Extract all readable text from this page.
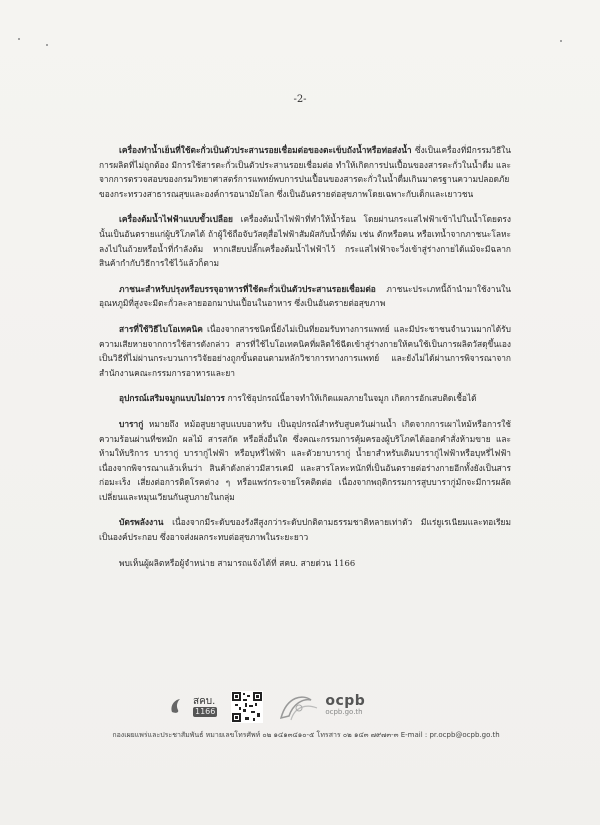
-2-

เครื่องทำน้ำเย็นที่ใช้ตะกั่วเป็นตัวประสานรอยเชื่อมต่อของตะเข็บถังน้ำหรือท่อส่งน้ำ ซึ่งเป็นเครื่องที่มีกรรมวิธีในการผลิตที่ไม่ถูกต้อง มีการใช้สารตะกั่วเป็นตัวประสานรอยเชื่อมต่อ ทำให้เกิดการปนเปื้อนของสารตะกั่วในน้ำดื่ม และจากการตรวจสอบของกรมวิทยาศาสตร์การแพทย์พบการปนเปื้อนของสารตะกั่วในน้ำดื่มเกินมาตรฐานความปลอดภัยของกระทรวงสาธารณสุขและองค์การอนามัยโลก ซึ่งเป็นอันตรายต่อสุขภาพโดยเฉพาะกับเด็กและเยาวชน

เครื่องต้มน้ำไฟฟ้าแบบขั้วเปลือย เครื่องต้มน้ำไฟฟ้าที่ทำให้น้ำร้อน โดยผ่านกระแสไฟฟ้าเข้าไปในน้ำโดยตรงนั้นเป็นอันตรายแก่ผู้บริโภคได้ ถ้าผู้ใช้ถือจับวัสดุสื่อไฟฟ้าสัมผัสกับน้ำที่ต้ม เช่น ตักหรือคน หรือเทน้ำจากภาชนะโลหะลงไปในถ้วยหรือน้ำที่กำลังต้ม หากเสียบปลั๊กเครื่องต้มน้ำไฟฟ้าไว้ กระแสไฟฟ้าจะวิ่งเข้าสู่ร่างกายได้แม้จะมีฉลากสินค้ากำกับวิธีการใช้ไว้แล้วก็ตาม

ภาชนะสำหรับปรุงหรือบรรจุอาหารที่ใช้ตะกั่วเป็นตัวประสานรอยเชื่อมต่อ ภาชนะประเภทนี้ถ้านำมาใช้งานในอุณหภูมิที่สูงจะมีตะกั่วละลายออกมาปนเปื้อนในอาหาร ซึ่งเป็นอันตรายต่อสุขภาพ

สารที่ใช้วิธีไบโอเทคนิค เนื่องจากสารชนิดนี้ยังไม่เป็นที่ยอมรับทางการแพทย์ และมีประชาชนจำนวนมากได้รับความเสียหายจากการใช้สารดังกล่าว สารที่ใช้ไบโอเทคนิคที่ผลิตใช้ฉีดเข้าสู่ร่างกายให้คนใช้เป็นการผลิตวัสดุขึ้นเอง เป็นวิธีที่ไม่ผ่านกระบวนการวิจัยอย่างถูกขั้นตอนตามหลักวิชาการทางการแพทย์ และยังไม่ได้ผ่านการพิจารณาจากสำนักงานคณะกรรมการอาหารและยา

อุปกรณ์เสริมจมูกแบบไม่ถาวร การใช้อุปกรณ์นี้อาจทำให้เกิดแผลภายในจมูก เกิดการอักเสบติดเชื้อได้

บารากู่ หมายถึง หม้อสูบยาสูบแบบอาหรับ เป็นอุปกรณ์สำหรับสูบควันผ่านน้ำ เกิดจากการเผาไหม้หรือการใช้ความร้อนผ่านที่ชหมัก ผลไม้ สารสกัด หรือสิ่งอื่นใด ซึ่งคณะกรรมการคุ้มครองผู้บริโภคได้ออกคำสั่งห้ามขาย และห้ามให้บริการ บารากู่ บารากู่ไฟฟ้า หรือบุหรี่ไฟฟ้า และตัวยาบารากู่ น้ำยาสำหรับเติมบารากู่ไฟฟ้าหรือบุหรี่ไฟฟ้า เนื่องจากพิจารณาแล้วเห็นว่า สินค้าดังกล่าวมีสารเคมี และสารโลหะหนักที่เป็นอันตรายต่อร่างกายอีกทั้งยังเป็นสารก่อมะเร็ง เสี่ยงต่อการติดโรคต่าง ๆ หรือแพร่กระจายโรคติดต่อ เนื่องจากพฤติกรรมการสูบบารากู่มักจะมีการผลัดเปลี่ยนและหมุนเวียนกันสูบภายในกลุ่ม

บัตรพลังงาน เนื่องจากมีระดับของรังสีสูงกว่าระดับปกติตามธรรมชาติหลายเท่าตัว มีแร่ยูเรเนียมและทอเรียมเป็นองค์ประกอบ ซึ่งอาจส่งผลกระทบต่อสุขภาพในระยะยาว

พบเห็นผู้ผลิตหรือผู้จำหน่าย สามารถแจ้งได้ที่ สคบ. สายด่วน 1166

สคบ.
1166
ocpb
ocpb.go.th
กองเผยแพร่และประชาสัมพันธ์ หมายเลขโทรศัพท์ ๐๒ ๑๔๑๓๔๑๐-๕ โทรสาร ๐๒ ๑๔๓ ๗๙๗๓-๓ E-mail : pr.ocpb@ocpb.go.th
